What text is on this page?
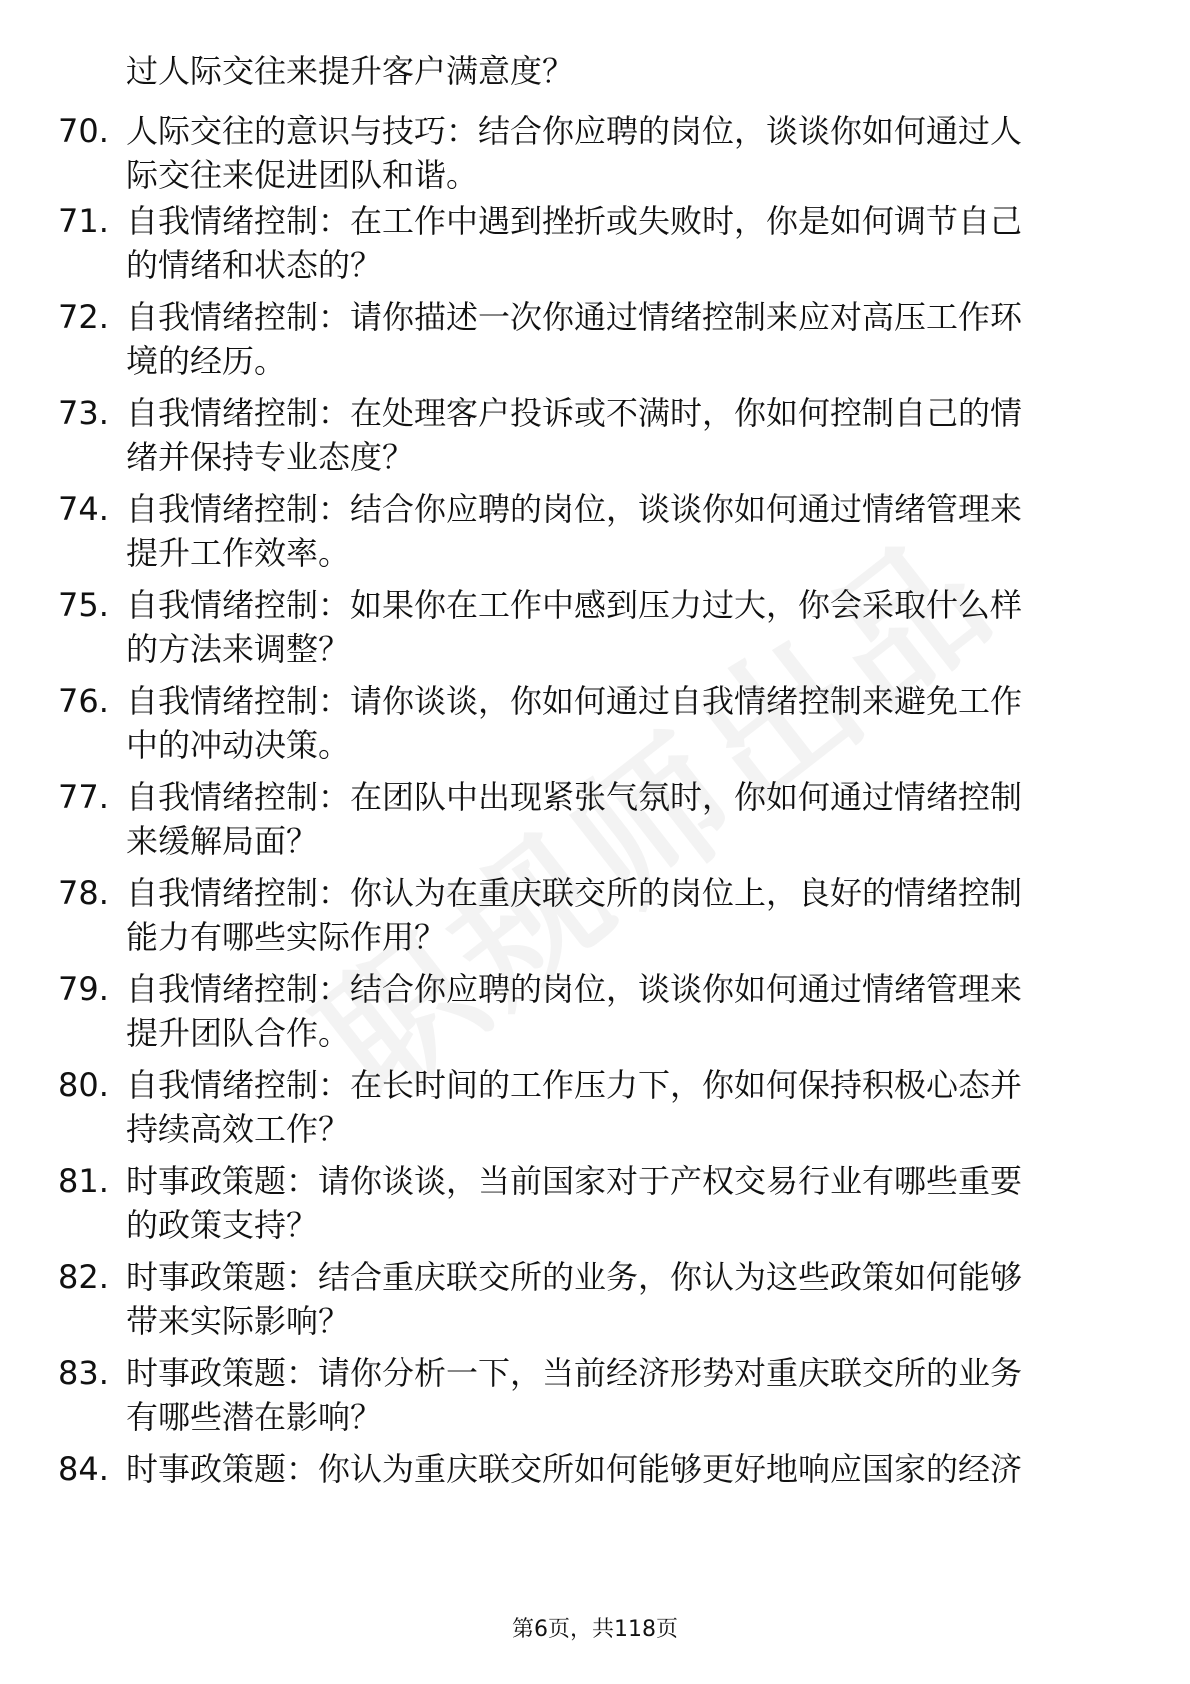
过人际交往来提升客户满意度？
70. 人际交往的意识与技巧：结合你应聘的岗位，谈谈你如何通过人
际交往来促进团队和谐。
71. 自我情绪控制：在工作中遇到挫折或失败时，你是如何调节自己
的情绪和状态的？
72. 自我情绪控制：请你描述一次你通过情绪控制来应对高压工作环
境的经历。
73. 自我情绪控制：在处理客户投诉或不满时，你如何控制自己的情
绪并保持专业态度？
74. 自我情绪控制：结合你应聘的岗位，谈谈你如何通过情绪管理来
提升工作效率。
75. 自我情绪控制：如果你在工作中感到压力过大，你会采取什么样
的方法来调整？
76. 自我情绪控制：请你谈谈，你如何通过自我情绪控制来避免工作
中的冲动决策。
77. 自我情绪控制：在团队中出现紧张气氛时，你如何通过情绪控制
来缓解局面？
78. 自我情绪控制：你认为在重庆联交所的岗位上，良好的情绪控制
能力有哪些实际作用？
79. 自我情绪控制：结合你应聘的岗位，谈谈你如何通过情绪管理来
提升团队合作。
80. 自我情绪控制：在长时间的工作压力下，你如何保持积极心态并
持续高效工作？
81. 时事政策题：请你谈谈，当前国家对于产权交易行业有哪些重要
的政策支持？
82. 时事政策题：结合重庆联交所的业务，你认为这些政策如何能够
带来实际影响？
83. 时事政策题：请你分析一下，当前经济形势对重庆联交所的业务
有哪些潜在影响？
84. 时事政策题：你认为重庆联交所如何能够更好地响应国家的经济
第6页，共118页
